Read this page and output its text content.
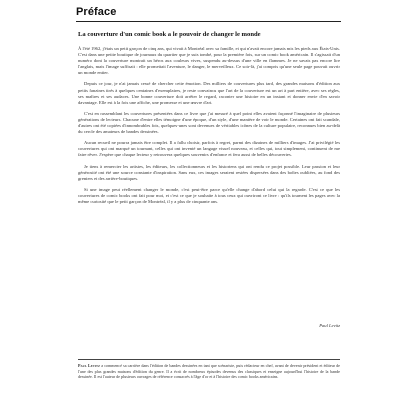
Préface
La couverture d'un comic book a le pouvoir de changer le monde

À l'été 1962, j'étais un petit garçon de cinq ans, qui vivait à Montréal avec sa famille, et qui n'avait encore jamais mis les pieds aux États-Unis. C'est dans une petite boutique de journaux du quartier que je suis tombé, pour la première fois, sur un comic book américain. Il s'agissait d'un numéro dont la couverture montrait un héros aux couleurs vives, suspendu au-dessus d'une ville en flammes. Je ne savais pas encore lire l'anglais, mais l'image suffisait : elle promettait l'aventure, le danger, le merveilleux. Ce soir-là, j'ai compris qu'une seule page pouvait ouvrir un monde entier.

Depuis ce jour, je n'ai jamais cessé de chercher cette émotion. Des milliers de couvertures plus tard, des grandes maisons d'édition aux petits fanzines tirés à quelques centaines d'exemplaires, je reste convaincu que l'art de la couverture est un art à part entière, avec ses règles, ses maîtres et ses audaces. Une bonne couverture doit arrêter le regard, raconter une histoire en un instant et donner envie d'en savoir davantage. Elle est à la fois une affiche, une promesse et une œuvre d'art.

C'est en rassemblant les couvertures présentées dans ce livre que j'ai mesuré à quel point elles avaient façonné l'imaginaire de plusieurs générations de lecteurs. Chacune d'entre elles témoigne d'une époque, d'un style, d'une manière de voir le monde. Certaines ont fait scandale, d'autres ont été copiées d'innombrables fois, quelques-unes sont devenues de véritables icônes de la culture populaire, reconnues bien au-delà du cercle des amateurs de bandes dessinées.

Aucun recueil ne pourra jamais être complet. Il a fallu choisir, parfois à regret, parmi des dizaines de milliers d'images. J'ai privilégié les couvertures qui ont marqué un tournant, celles qui ont inventé un langage visuel nouveau, et celles qui, tout simplement, continuent de me faire rêver. J'espère que chaque lecteur y retrouvera quelques souvenirs d'enfance et fera aussi de belles découvertes.

Je tiens à remercier les artistes, les éditeurs, les collectionneurs et les historiens qui ont rendu ce projet possible. Leur passion et leur générosité ont été une source constante d'inspiration. Sans eux, ces images seraient restées dispersées dans des boîtes oubliées, au fond des greniers et des arrière-boutiques.

Si une image peut réellement changer le monde, c'est peut-être parce qu'elle change d'abord celui qui la regarde. C'est ce que les couvertures de comic books ont fait pour moi, et c'est ce que je souhaite à tous ceux qui ouvriront ce livre : qu'ils tournent les pages avec la même curiosité que le petit garçon de Montréal, il y a plus de cinquante ans.

Paul Levitz
Paul Levitz a commencé sa carrière dans l'édition de bandes dessinées en tant que scénariste, puis rédacteur en chef, avant de devenir président et éditeur de l'une des plus grandes maisons d'édition du genre. Il a écrit de nombreux épisodes devenus des classiques et enseigne aujourd'hui l'histoire de la bande dessinée. Il est l'auteur de plusieurs ouvrages de référence consacrés à l'âge d'or et à l'histoire des comic books américains.
